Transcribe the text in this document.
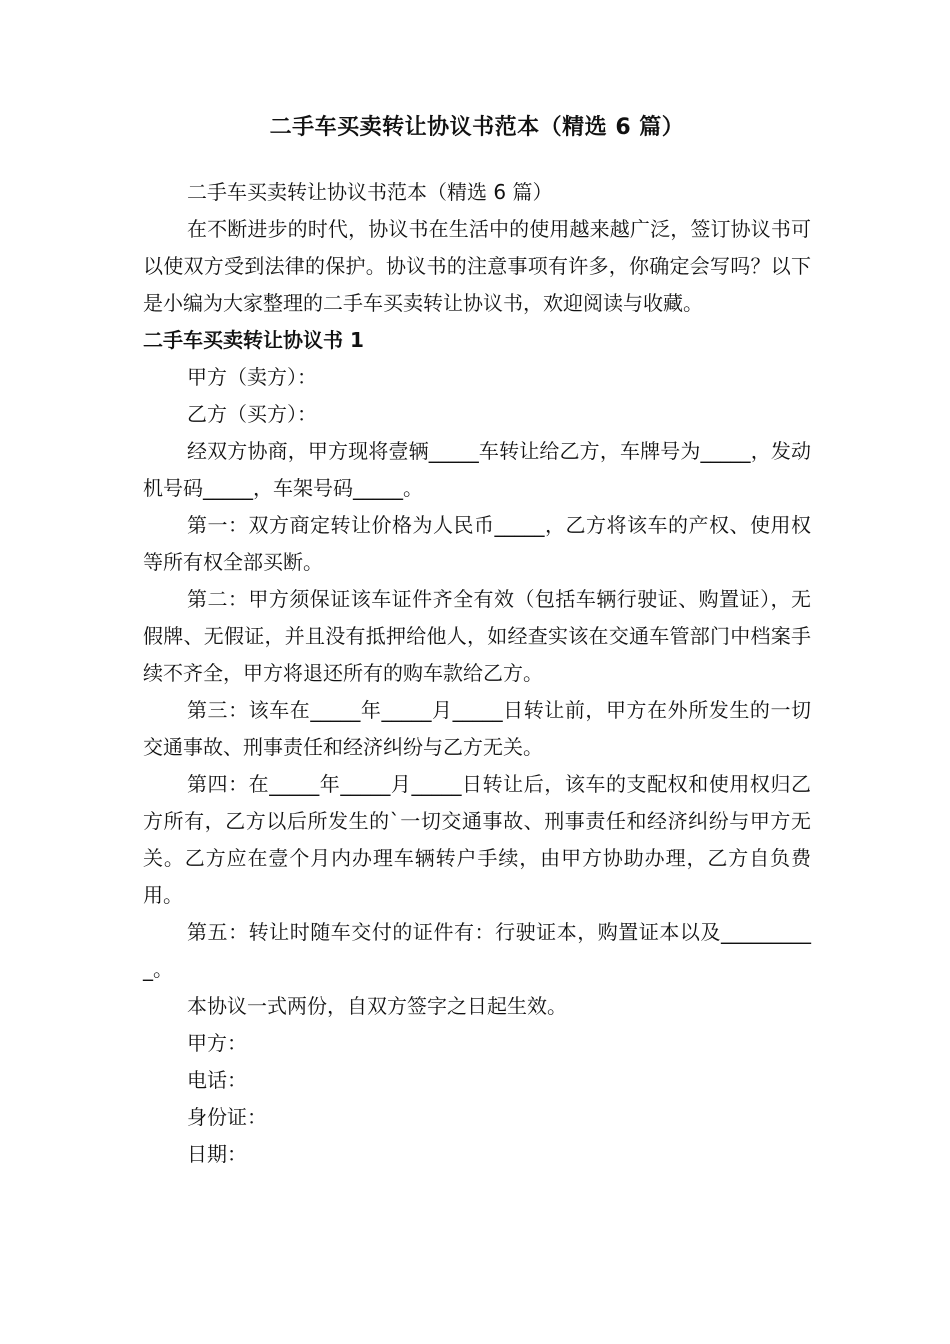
二手车买卖转让协议书范本（精选 6 篇）

二手车买卖转让协议书范本（精选 6 篇）

在不断进步的时代，协议书在生活中的使用越来越广泛，签订协议书可以使双方受到法律的保护。协议书的注意事项有许多，你确定会写吗？以下是小编为大家整理的二手车买卖转让协议书，欢迎阅读与收藏。

二手车买卖转让协议书 1

甲方（卖方）：

乙方（买方）：

经双方协商，甲方现将壹辆_____车转让给乙方，车牌号为_____，发动机号码_____，车架号码_____。

第一：双方商定转让价格为人民币_____，乙方将该车的产权、使用权等所有权全部买断。

第二：甲方须保证该车证件齐全有效（包括车辆行驶证、购置证），无假牌、无假证，并且没有抵押给他人，如经查实该在交通车管部门中档案手续不齐全，甲方将退还所有的购车款给乙方。

第三：该车在_____年_____月_____日转让前，甲方在外所发生的一切交通事故、刑事责任和经济纠纷与乙方无关。

第四：在_____年_____月_____日转让后，该车的支配权和使用权归乙方所有，乙方以后所发生的`一切交通事故、刑事责任和经济纠纷与甲方无关。乙方应在壹个月内办理车辆转户手续，由甲方协助办理，乙方自负费用。

第五：转让时随车交付的证件有：行驶证本，购置证本以及__________。

本协议一式两份，自双方签字之日起生效。

甲方：

电话：

身份证：

日期：
